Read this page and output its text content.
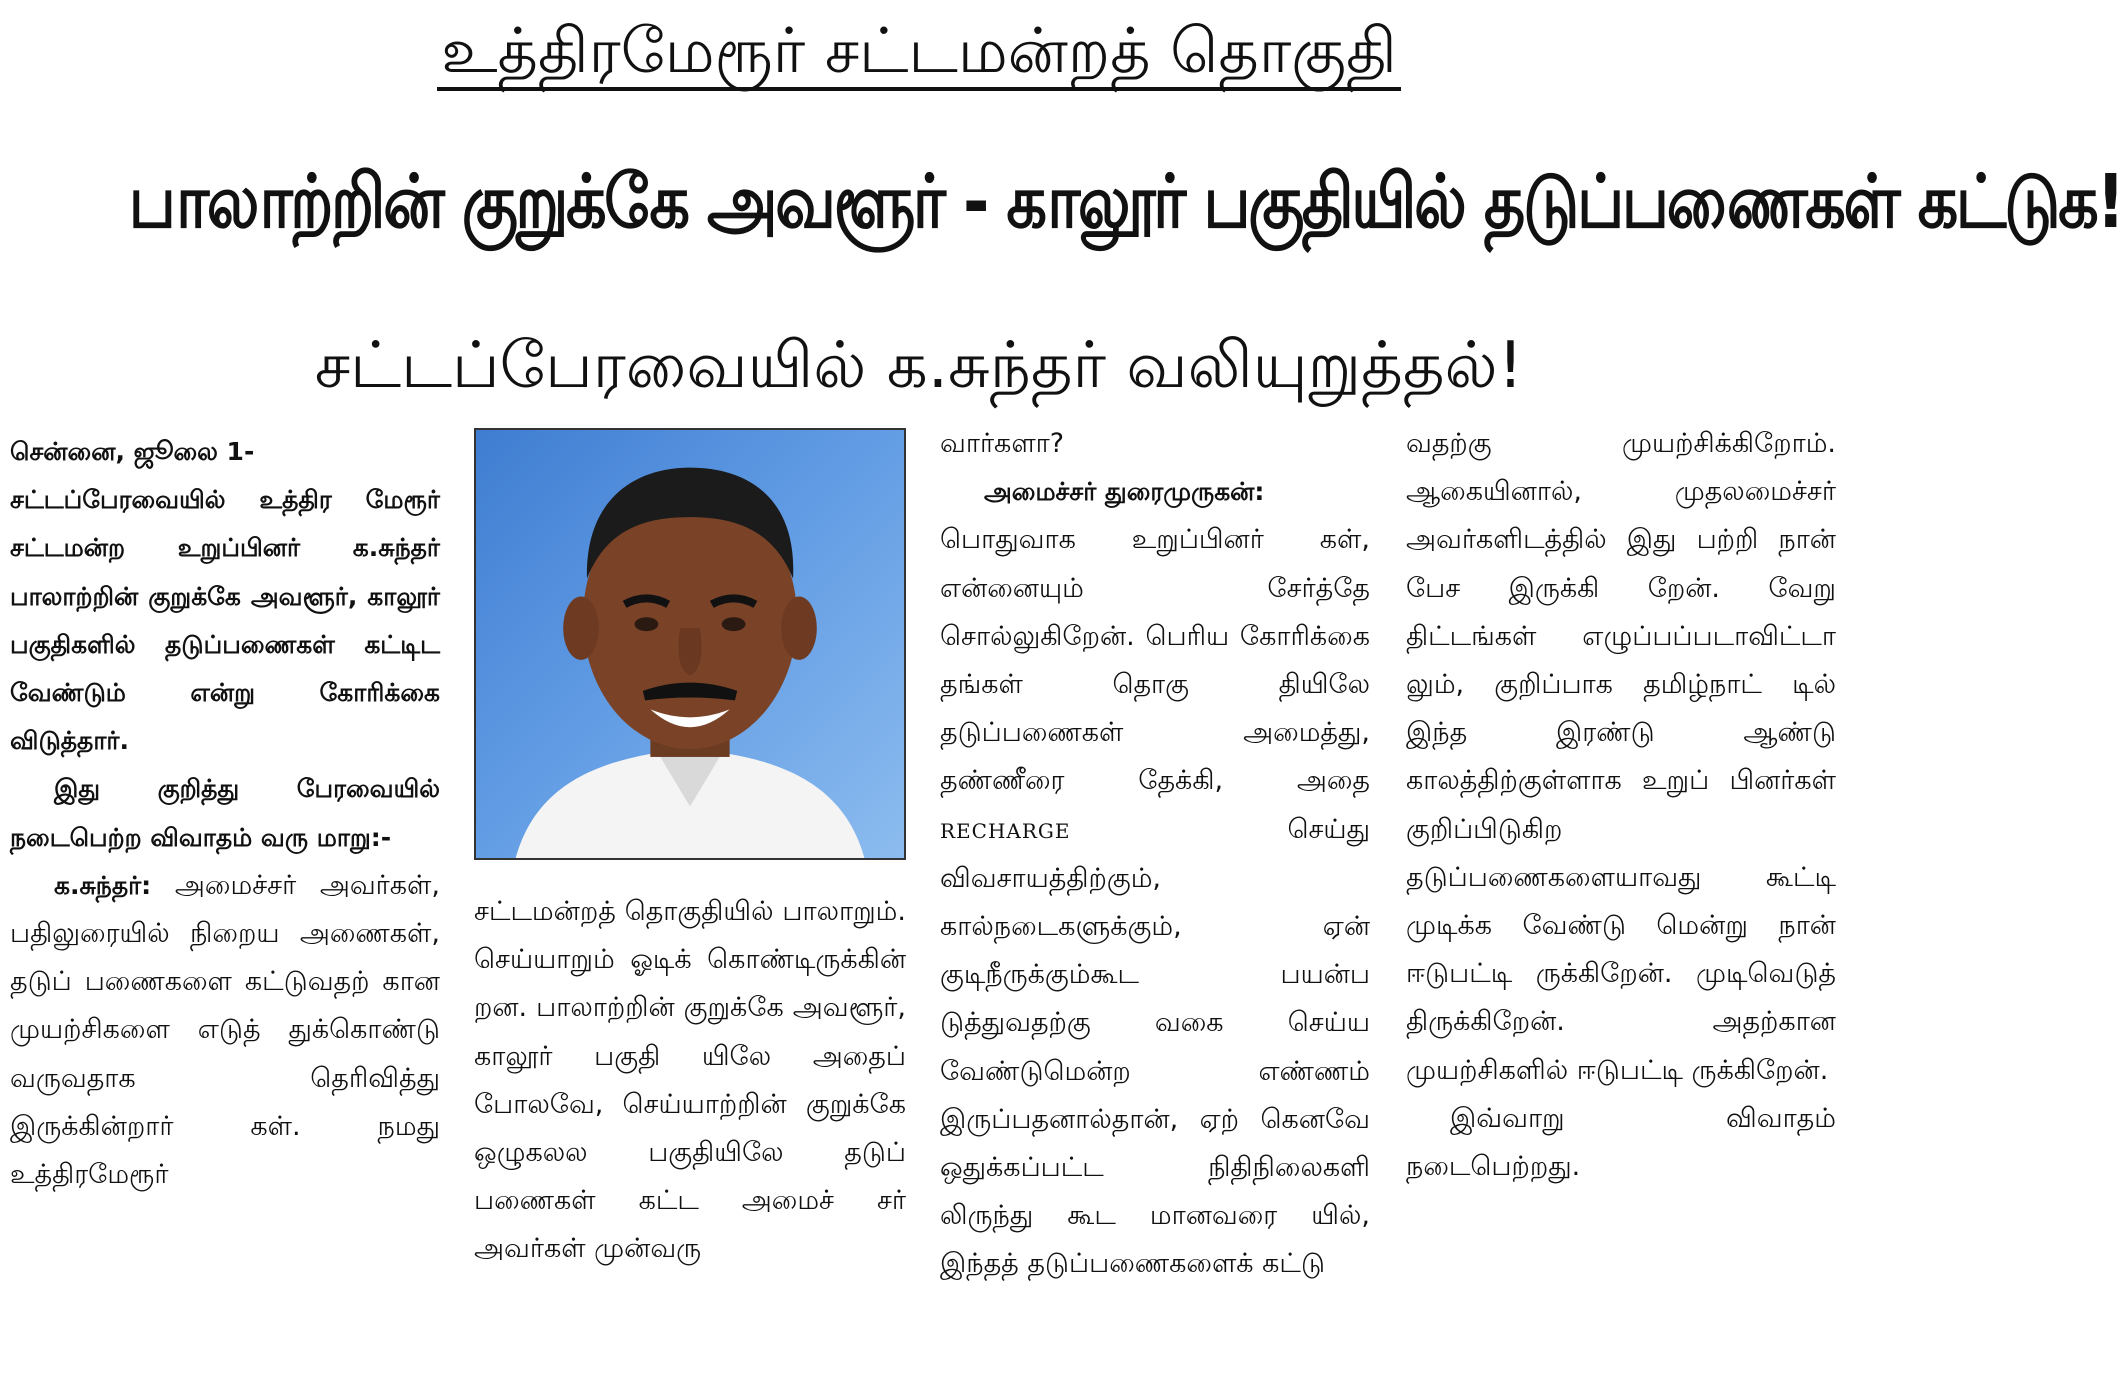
உத்திரமேரூர் சட்டமன்றத் தொகுதி
பாலாற்றின் குறுக்கே அவளூர் - காலூர் பகுதியில் தடுப்பணைகள் கட்டுக!
சட்டப்பேரவையில் க.சுந்தர் வலியுறுத்தல்!

சென்னை, ஜூலை 1-

சட்டப்பேரவையில் உத்திர மேரூர் சட்டமன்ற உறுப்பினர் க.சுந்தர் பாலாற்றின் குறுக்கே அவளூர், காலூர் பகுதிகளில் தடுப்பணைகள் கட்டிட வேண்டும் என்று கோரிக்கை விடுத்தார்.

இது குறித்து பேரவையில் நடைபெற்ற விவாதம் வரு மாறு:-

க.சுந்தர்: அமைச்சர் அவர்கள், பதிலுரையில் நிறைய அணைகள், தடுப் பணைகளை கட்டுவதற் கான முயற்சிகளை எடுத் துக்கொண்டு வருவதாக தெரிவித்து இருக்கின்றார் கள். நமது உத்திரமேரூர்

சட்டமன்றத் தொகுதியில் பாலாறும். செய்யாறும் ஓடிக் கொண்டிருக்கின் றன. பாலாற்றின் குறுக்கே அவளூர், காலூர் பகுதி யிலே அதைப் போலவே, செய்யாற்றின் குறுக்கே ஒழுகலல பகுதியிலே தடுப் பணைகள் கட்ட அமைச் சர் அவர்கள் முன்வரு

வார்களா?

அமைச்சர் துரைமுருகன்:

பொதுவாக உறுப்பினர் கள், என்னையும் சேர்த்தே சொல்லுகிறேன். பெரிய கோரிக்கை தங்கள் தொகு தியிலே தடுப்பணைகள் அமைத்து, தண்ணீரை தேக்கி, அதை RECHARGE	செய்து விவசாயத்திற்கும், கால்நடைகளுக்கும், ஏன் குடிநீருக்கும்கூட பயன்ப டுத்துவதற்கு வகை செய்ய வேண்டுமென்ற எண்ணம் இருப்பதனால்தான், ஏற் கெனவே ஒதுக்கப்பட்ட நிதிநிலைகளி லிருந்து கூட மானவரை யில், இந்தத் தடுப்பணைகளைக் கட்டு

வதற்கு முயற்சிக்கிறோம். ஆகையினால், முதலமைச்சர் அவர்களிடத்தில் இது பற்றி நான் பேச இருக்கி றேன். வேறு திட்டங்கள் எழுப்பப்படாவிட்டா லும், குறிப்பாக தமிழ்நாட் டில் இந்த இரண்டு ஆண்டு காலத்திற்குள்ளாக உறுப் பினர்கள் குறிப்பிடுகிற தடுப்பணைகளையாவது கூட்டி முடிக்க வேண்டு மென்று நான் ஈடுபட்டி ருக்கிறேன். முடிவெடுத் திருக்கிறேன். அதற்கான முயற்சிகளில் ஈடுபட்டி ருக்கிறேன்.

இவ்வாறு விவாதம் நடைபெற்றது.
